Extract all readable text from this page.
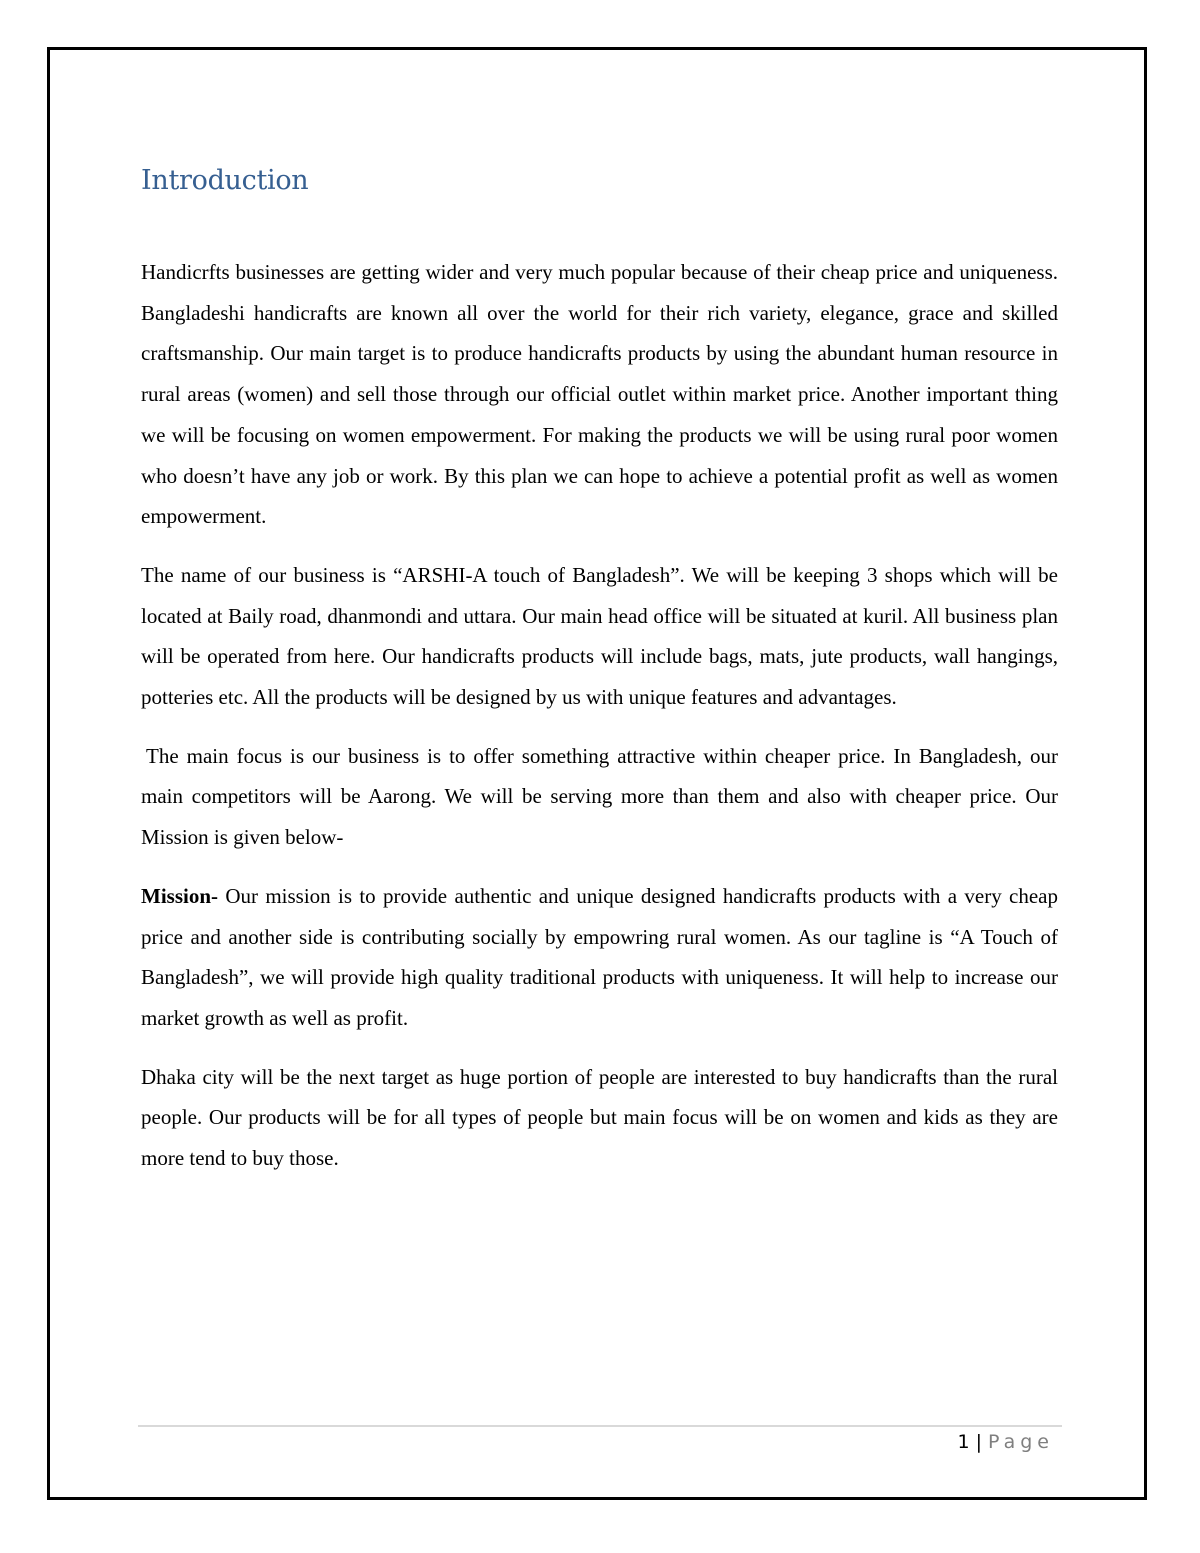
Introduction

Handicrfts businesses are getting wider and very much popular because of their cheap price and uniqueness. Bangladeshi handicrafts are known all over the world for their rich variety, elegance, grace and skilled craftsmanship. Our main target is to produce handicrafts products by using the abundant human resource in rural areas (women) and sell those through our official outlet within market price. Another important thing we will be focusing on women empowerment. For making the products we will be using rural poor women who doesn’t have any job or work. By this plan we can hope to achieve a potential profit as well as women empowerment.

The name of our business is “ARSHI-A touch of Bangladesh”. We will be keeping 3 shops which will be located at Baily road, dhanmondi and uttara. Our main head office will be situated at kuril. All business plan will be operated from here. Our handicrafts products will include bags, mats, jute products, wall hangings, potteries etc. All the products will be designed by us with unique features and advantages.

The main focus is our business is to offer something attractive within cheaper price. In Bangladesh, our main competitors will be Aarong. We will be serving more than them and also with cheaper price. Our Mission is given below-

Mission- Our mission is to provide authentic and unique designed handicrafts products with a very cheap price and another side is contributing socially by empowring rural women. As our tagline is “A Touch of Bangladesh”, we will provide high quality traditional products with uniqueness. It will help to increase our market growth as well as profit.

Dhaka city will be the next target as huge portion of people are interested to buy handicrafts than the rural people. Our products will be for all types of people but main focus will be on women and kids as they are more tend to buy those.

1 | Page
